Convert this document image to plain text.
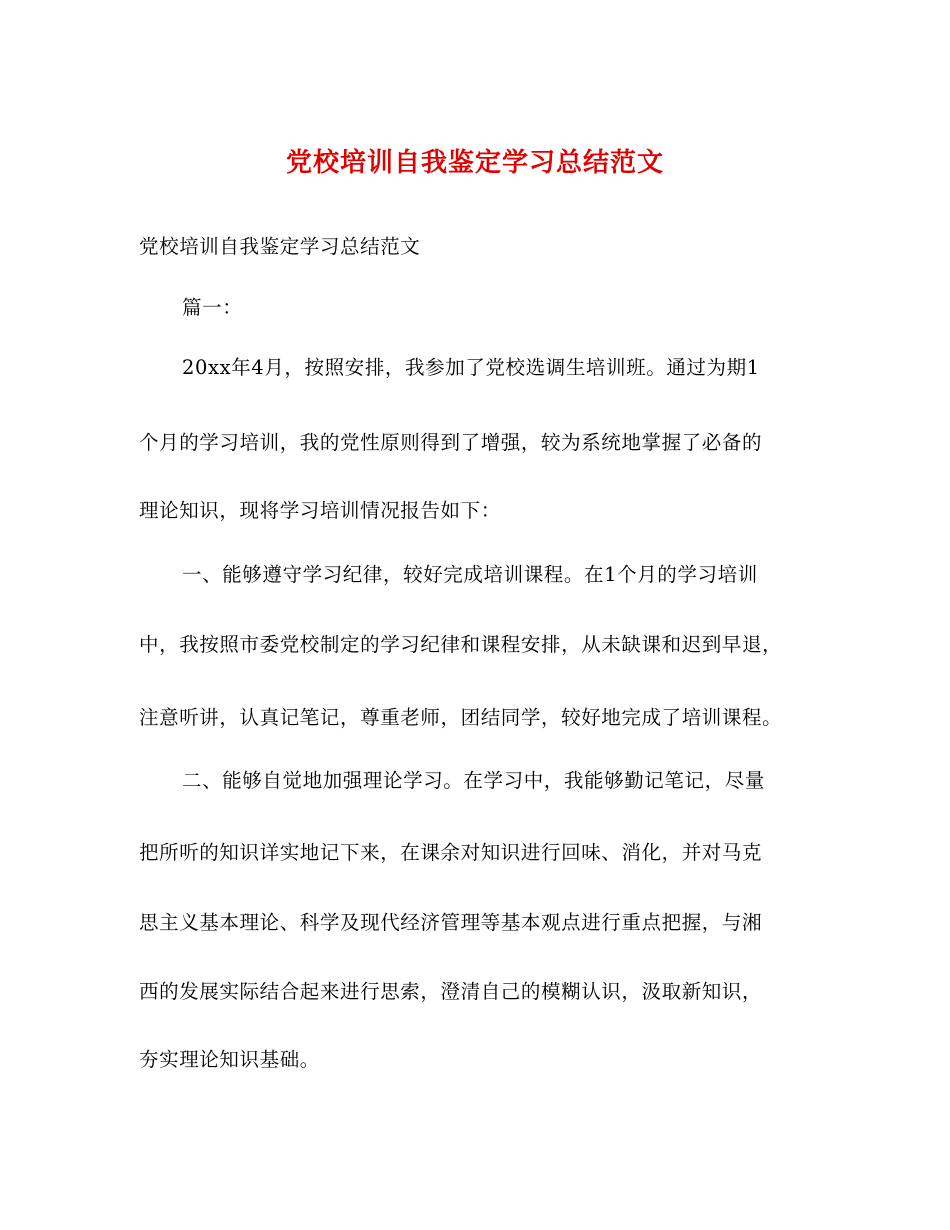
党校培训自我鉴定学习总结范文
党校培训自我鉴定学习总结范文
篇一：
20xx年4月，按照安排，我参加了党校选调生培训班。通过为期1
个月的学习培训，我的党性原则得到了增强，较为系统地掌握了必备的
理论知识，现将学习培训情况报告如下：
一、能够遵守学习纪律，较好完成培训课程。在1个月的学习培训
中，我按照市委党校制定的学习纪律和课程安排，从未缺课和迟到早退，
注意听讲，认真记笔记，尊重老师，团结同学，较好地完成了培训课程。
二、能够自觉地加强理论学习。在学习中，我能够勤记笔记，尽量
把所听的知识详实地记下来，在课余对知识进行回味、消化，并对马克
思主义基本理论、科学及现代经济管理等基本观点进行重点把握，与湘
西的发展实际结合起来进行思索，澄清自己的模糊认识，汲取新知识，
夯实理论知识基础。
